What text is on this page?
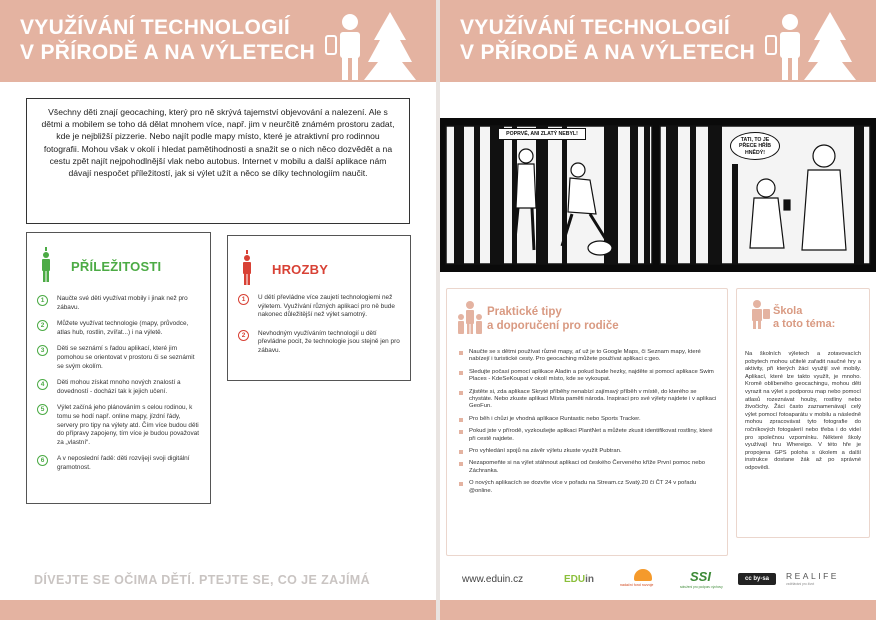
VYUŽÍVÁNÍ TECHNOLOGIÍ
V PŘÍRODĚ A NA VÝLETECH

Všechny děti znají geocaching, který pro ně skrývá tajemství objevování a nalezení. Ale s dětmi a mobilem se toho dá dělat mnohem více, např. jim v neurčitě známém prostoru zadat, kde je nejbližší pizzerie. Nebo najít podle mapy místo, které je atraktivní pro rodinnou fotografii. Mohou však v okolí i hledat pamětihodnosti a snažit se o nich něco dozvědět a na cestu zpět najít nejpohodlnější vlak nebo autobus. Internet v mobilu a další aplikace nám dávají nespočet příležitostí, jak si výlet užít a něco se díky technologiím naučit.

PŘÍLEŽITOSTI
1	Naučte své děti využívat mobily i jinak než pro zábavu.
2	Můžete využívat technologie (mapy, průvodce, atlas hub, rostlin, zvířat...) i na výletě.
3	Děti se seznámí s řadou aplikací, které jim pomohou se orientovat v prostoru či se seznámit se svým okolím.
4	Děti mohou získat mnoho nových znalostí a dovedností - dochází tak k jejich učení.
5	Výlet začíná jeho plánováním s celou rodinou, k tomu se hodí např. online mapy, jízdní řády, servery pro tipy na výlety atd. Čím více budou děti do přípravy zapojeny, tím více je budou považovat za „vlastní“.
6	A v neposlední řadě: děti rozvíjejí svoji digitální gramotnost.
HROZBY
1	U dětí převládne více zaujetí technologiemi než výletem. Využívání různých aplikací pro ně bude nakonec důležitější než výlet samotný.
2	Nevhodným využíváním technologií u dětí převládne pocit, že technologie jsou stejně jen pro zábavu.
DÍVEJTE SE OČIMA DĚTÍ. PTEJTE SE, CO JE ZAJÍMÁ
VYUŽÍVÁNÍ TECHNOLOGIÍ
V PŘÍRODĚ A NA VÝLETECH
POPRVÉ, ANI ZLATÝ NEBYL!
TATI, TO JE PŘECE HŘÍB HNĚDÝ!
Praktické tipy
a doporučení pro rodiče
Naučte se s dětmi používat různé mapy, ať už je to Google Maps, či Seznam mapy, které nabízejí i turistické cesty. Pro geocaching můžete používat aplikaci c:geo.
Sledujte počasí pomocí aplikace Aladin a pokud bude hezky, najděte si pomocí aplikace Swim Places - KdeSeKoupat v okolí místo, kde se vykoupat.
Zjistěte si, zda aplikace Skryté příběhy nenabízí zajímavý příběh v místě, do kterého se chystáte. Nebo zkuste aplikaci Místa paměti národa. Inspiraci pro své výlety najdete i v aplikaci GeoFun.
Pro běh i chůzi je vhodná aplikace Runtastic nebo Sports Tracker.
Pokud jste v přírodě, vyzkoušejte aplikaci PlantNet a můžete zkusit identifikovat rostliny, které při cestě najdete.
Pro vyhledání spojů na závěr výletu zkuste využít Pubtran.
Nezapomeňte si na výlet stáhnout aplikaci od českého Červeného kříže První pomoc nebo Záchranka.
O nových aplikacích se dozvíte více v pořadu na Stream.cz Svatý.20 či ČT 24 v pořadu @online.
Škola
a toto téma:

Na školních výletech a zotavovacích pobytech mohou učitelé zařadit naučné hry a aktivity, při kterých žáci využijí své mobily. Aplikací, které lze takto využít, je mnoho. Kromě oblíbeného geocachingu, mohou děti vyrazit na výlet s podporou map nebo pomocí atlasů rozeznávat houby, rostliny nebo živočichy. Žáci často zaznamenávají celý výlet pomocí fotoaparátu v mobilu a následně mohou zpracovávat tyto fotografie do ročníkových fotogalerií nebo třeba i do videí pro společnou vzpomínku. Některé školy využívají hru Whereigo. V této hře je propojena GPS poloha s úkolem a další instrukce dostane žák až po správné odpovědi.

www.eduin.cz	EDUin	nadační fond rozvoje
SSI
sdružení pro podporu výchovy
cc by-sa	REALIFE
vzdělávání pro život
